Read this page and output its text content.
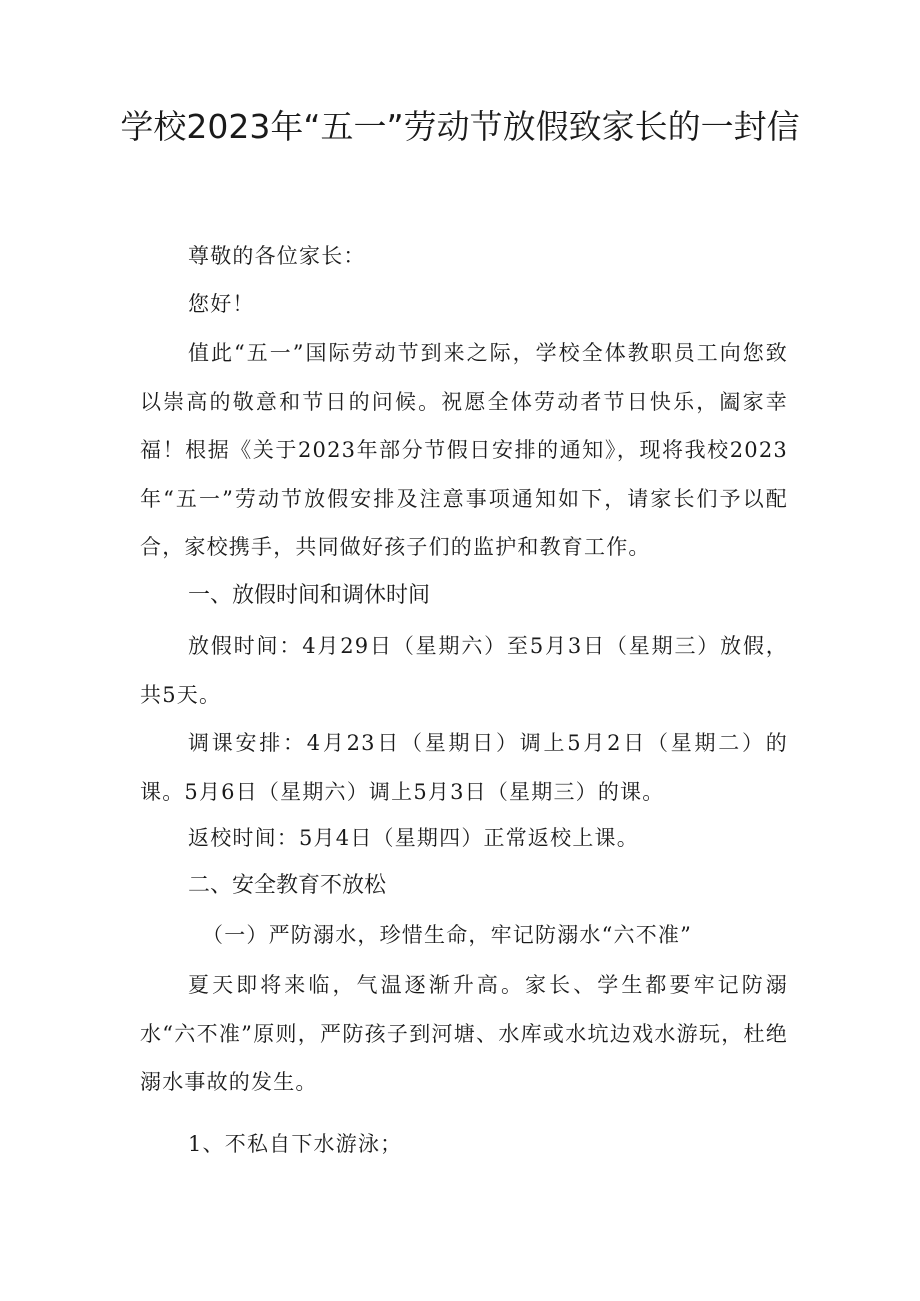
学校2023年“五一”劳动节放假致家长的一封信

尊敬的各位家长：

您好！

值此“五一”国际劳动节到来之际，学校全体教职员工向您致以崇高的敬意和节日的问候。祝愿全体劳动者节日快乐，阖家幸福！根据《关于2023年部分节假日安排的通知》，现将我校2023年“五一”劳动节放假安排及注意事项通知如下，请家长们予以配合，家校携手，共同做好孩子们的监护和教育工作。

一、放假时间和调休时间

放假时间：4月29日（星期六）至5月3日（星期三）放假，共5天。

调课安排：4月23日（星期日）调上5月2日（星期二）的课。5月6日（星期六）调上5月3日（星期三）的课。

返校时间：5月4日（星期四）正常返校上课。

二、安全教育不放松

（一）严防溺水，珍惜生命，牢记防溺水“六不准”

夏天即将来临，气温逐渐升高。家长、学生都要牢记防溺水“六不准”原则，严防孩子到河塘、水库或水坑边戏水游玩，杜绝溺水事故的发生。

1、不私自下水游泳；
